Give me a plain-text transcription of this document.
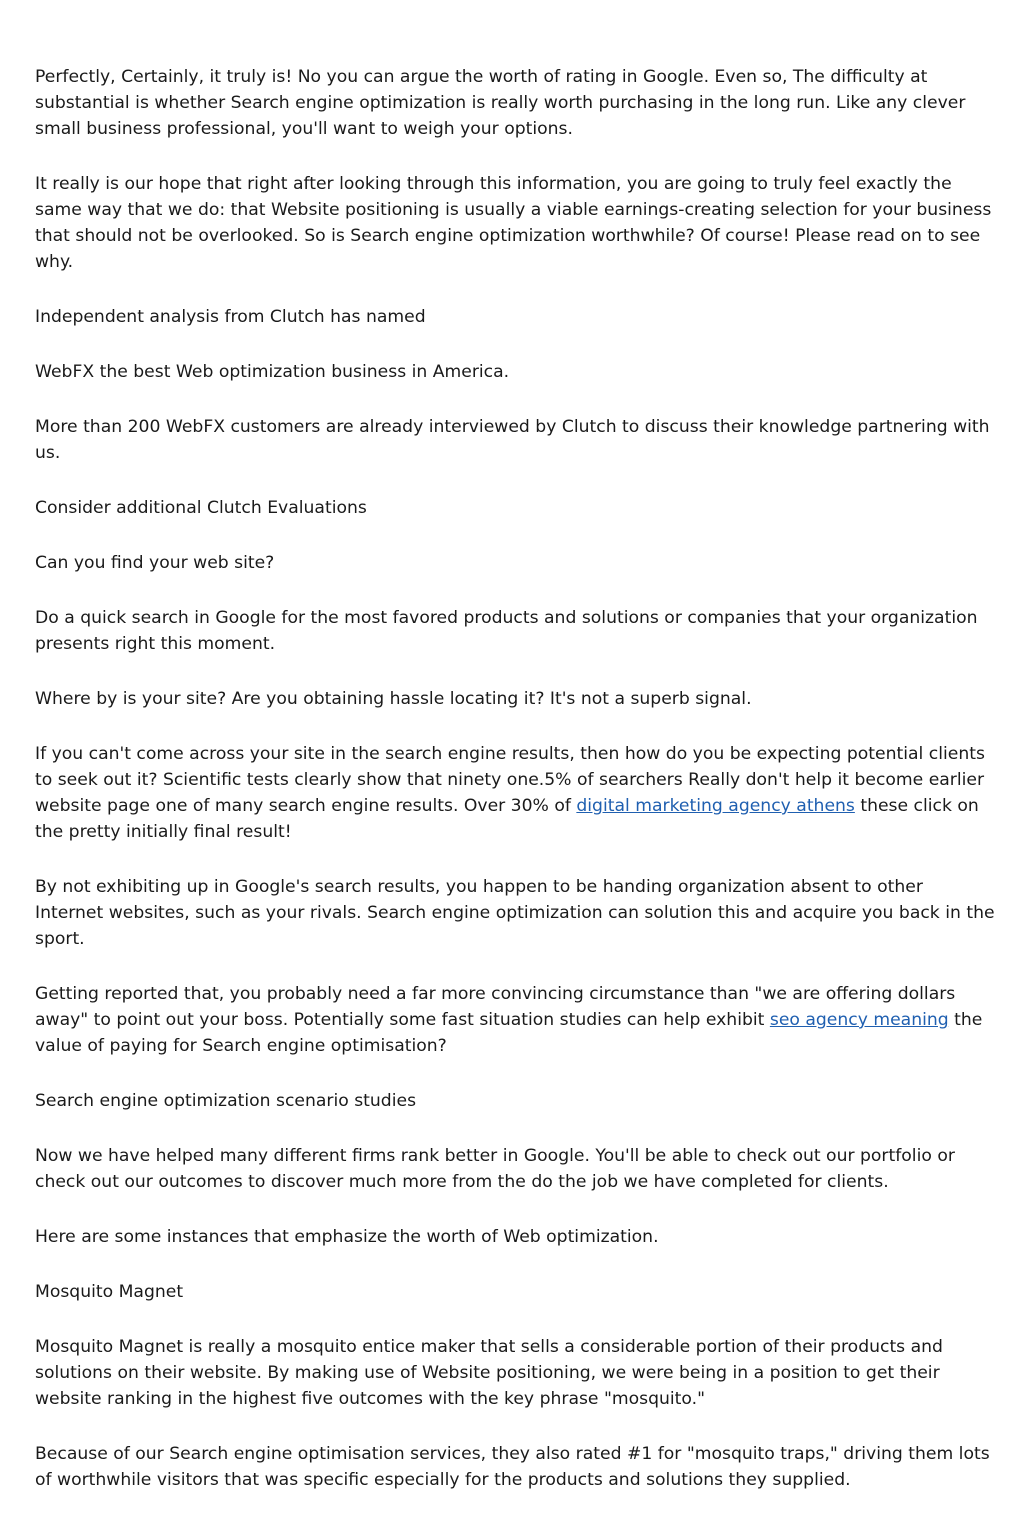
Perfectly, Certainly, it truly is! No you can argue the worth of rating in Google. Even so, The difficulty at substantial is whether Search engine optimization is really worth purchasing in the long run. Like any clever small business professional, you'll want to weigh your options.

It really is our hope that right after looking through this information, you are going to truly feel exactly the same way that we do: that Website positioning is usually a viable earnings-creating selection for your business that should not be overlooked. So is Search engine optimization worthwhile? Of course! Please read on to see why.

Independent analysis from Clutch has named

WebFX the best Web optimization business in America.

More than 200 WebFX customers are already interviewed by Clutch to discuss their knowledge partnering with us.

Consider additional Clutch Evaluations

Can you find your web site?

Do a quick search in Google for the most favored products and solutions or companies that your organization presents right this moment.

Where by is your site? Are you obtaining hassle locating it? It's not a superb signal.

If you can't come across your site in the search engine results, then how do you be expecting potential clients to seek out it? Scientific tests clearly show that ninety one.5% of searchers Really don't help it become earlier website page one of many search engine results. Over 30% of digital marketing agency athens these click on the pretty initially final result!

By not exhibiting up in Google's search results, you happen to be handing organization absent to other Internet websites, such as your rivals. Search engine optimization can solution this and acquire you back in the sport.

Getting reported that, you probably need a far more convincing circumstance than "we are offering dollars away" to point out your boss. Potentially some fast situation studies can help exhibit seo agency meaning the value of paying for Search engine optimisation?

Search engine optimization scenario studies

Now we have helped many different firms rank better in Google. You'll be able to check out our portfolio or check out our outcomes to discover much more from the do the job we have completed for clients.

Here are some instances that emphasize the worth of Web optimization.

Mosquito Magnet

Mosquito Magnet is really a mosquito entice maker that sells a considerable portion of their products and solutions on their website. By making use of Website positioning, we were being in a position to get their website ranking in the highest five outcomes with the key phrase "mosquito."

Because of our Search engine optimisation services, they also rated #1 for "mosquito traps," driving them lots of worthwhile visitors that was specific especially for the products and solutions they supplied.
